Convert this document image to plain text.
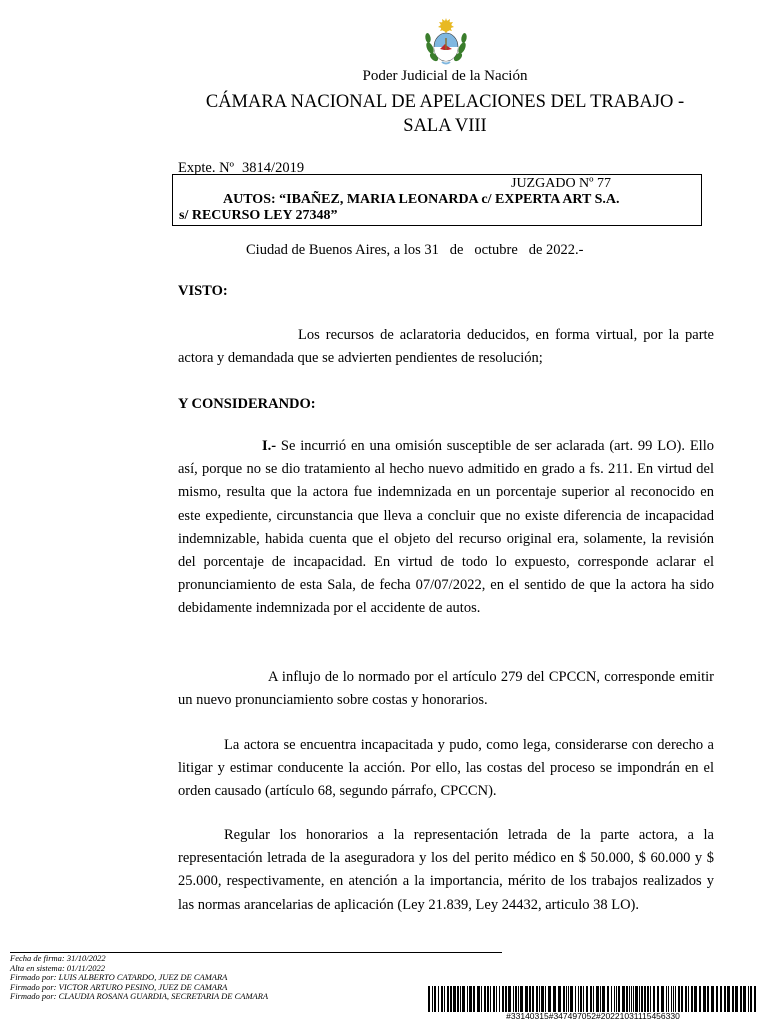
Poder Judicial de la Nación
CÁMARA NACIONAL DE APELACIONES DEL TRABAJO -
SALA VIII
Expte. Nº 3814/2019
JUZGADO Nº 77
AUTOS: “IBAÑEZ, MARIA LEONARDA c/ EXPERTA ART S.A.
s/ RECURSO LEY 27348”
Ciudad de Buenos Aires, a los 31   de   octubre   de 2022.-
VISTO:

Los recursos de aclaratoria deducidos, en forma virtual, por la parte actora y demandada que se advierten pendientes de resolución;

Y CONSIDERANDO:

I.- Se incurrió en una omisión susceptible de ser aclarada (art. 99 LO). Ello así, porque no se dio tratamiento al hecho nuevo admitido en grado a fs. 211. En virtud del mismo, resulta que la actora fue indemnizada en un porcentaje superior al reconocido en este expediente, circunstancia que lleva a concluir que no existe diferencia de incapacidad indemnizable, habida cuenta que el objeto del recurso original era, solamente, la revisión del porcentaje de incapacidad. En virtud de todo lo expuesto, corresponde aclarar el pronunciamiento de esta Sala, de fecha 07/07/2022, en el sentido de que la actora ha sido debidamente indemnizada por el accidente de autos.

A influjo de lo normado por el artículo 279 del CPCCN, corresponde emitir un nuevo pronunciamiento sobre costas y honorarios.

La actora se encuentra incapacitada y pudo, como lega, considerarse con derecho a litigar y estimar conducente la acción. Por ello, las costas del proceso se impondrán en el orden causado (artículo 68, segundo párrafo, CPCCN).

Regular los honorarios a la representación letrada de la parte actora, a la representación letrada de la aseguradora y los del perito médico en $ 50.000, $ 60.000 y $ 25.000, respectivamente, en atención a la importancia, mérito de los trabajos realizados y las normas arancelarias de aplicación (Ley 21.839, Ley 24432, articulo 38 LO).

Fecha de firma: 31/10/2022
Alta en sistema: 01/11/2022
Firmado por: LUIS ALBERTO CATARDO, JUEZ DE CAMARA
Firmado por: VICTOR ARTURO PESINO, JUEZ DE CAMARA
Firmado por: CLAUDIA ROSANA GUARDIA, SECRETARIA DE CAMARA
#33140315#347497052#20221031115456330
